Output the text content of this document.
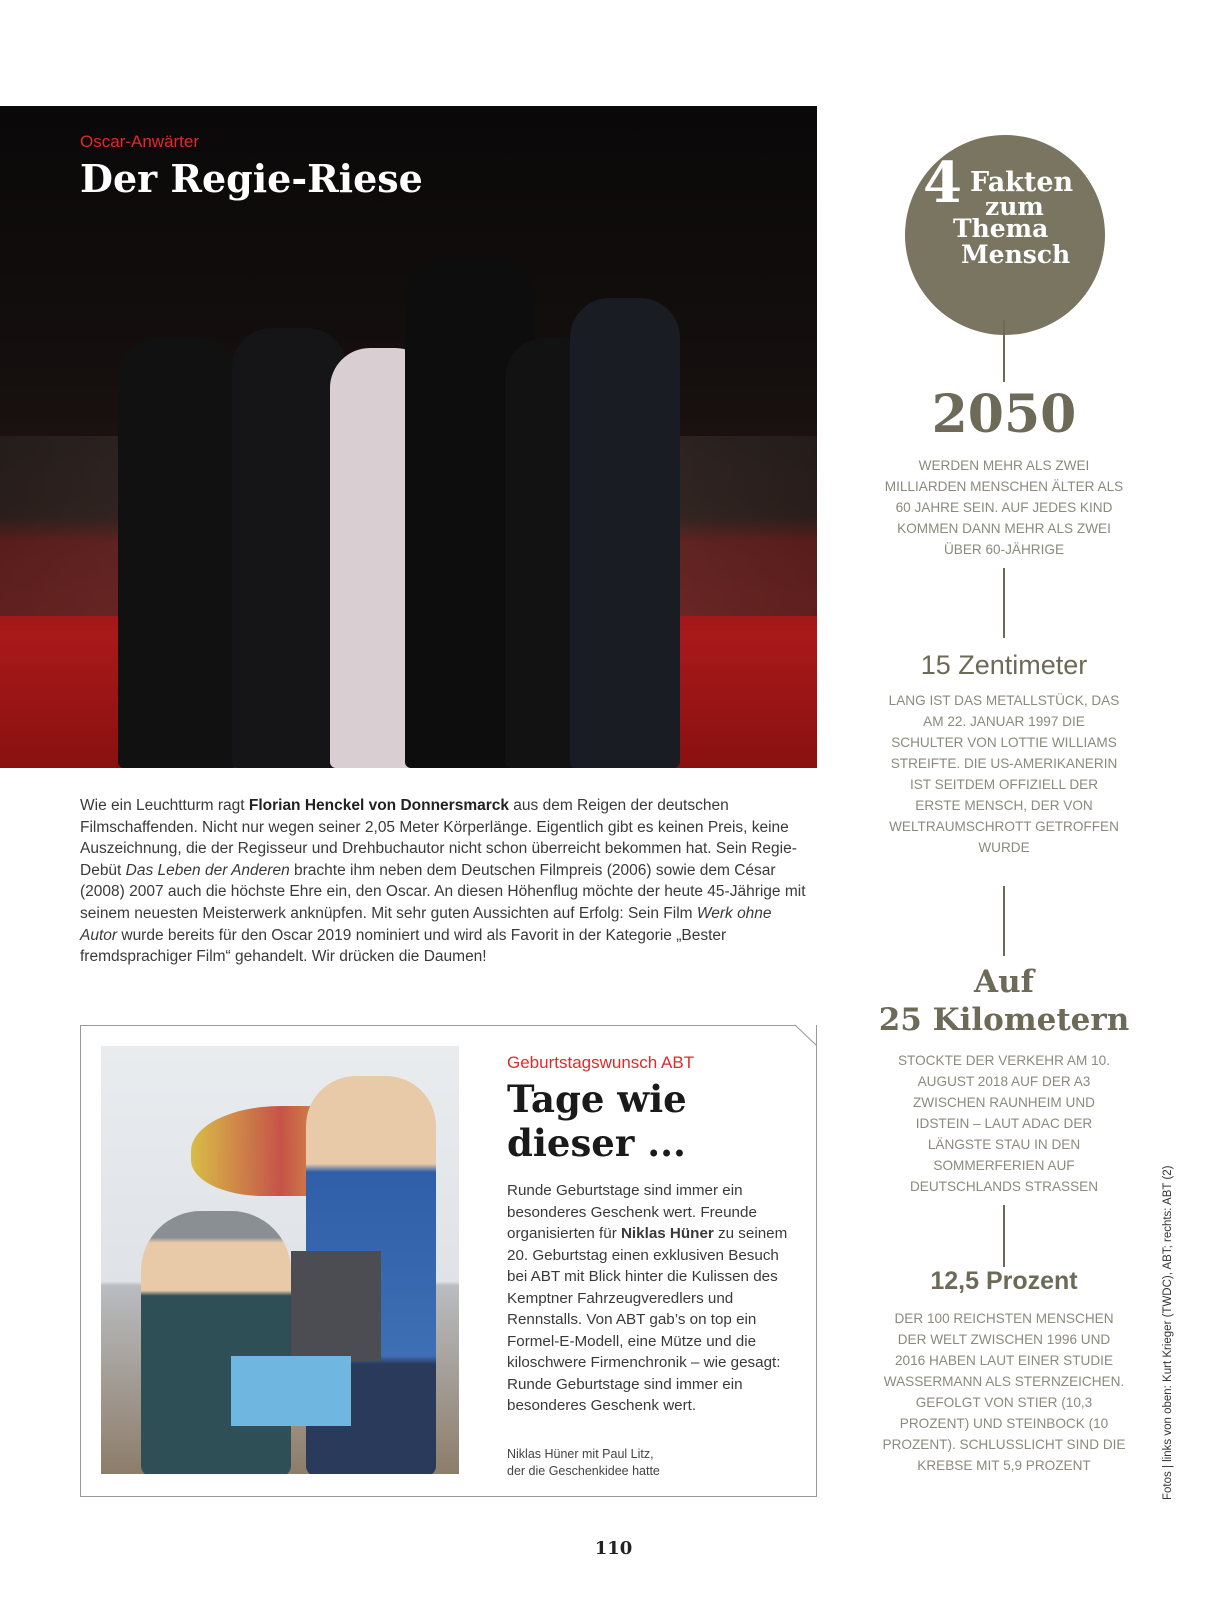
Oscar-Anwärter
Der Regie-Riese
Florian Henckel
von Donnersmarck
und die Darsteller
von Werk ohne
Autor
Wie ein Leuchtturm ragt Florian Henckel von Donnersmarck aus dem Reigen der deutschen Filmschaffenden. Nicht nur wegen seiner 2,05 Meter Körperlänge. Eigentlich gibt es keinen Preis, keine Auszeichnung, die der Regisseur und Drehbuchautor nicht schon überreicht bekommen hat. Sein Regie-Debüt Das Leben der Anderen brachte ihm neben dem Deutschen Filmpreis (2006) sowie dem César (2008) 2007 auch die höchste Ehre ein, den Oscar. An diesen Höhenflug möchte der heute 45-Jährige mit seinem neuesten Meisterwerk anknüpfen. Mit sehr guten Aussichten auf Erfolg: Sein Film Werk ohne Autor wurde bereits für den Oscar 2019 nominiert und wird als Favorit in der Kategorie „Bester fremdsprachiger Film“ gehandelt. Wir drücken die Daumen!
Geburtstagswunsch ABT
Tage wie
dieser ...
Runde Geburtstage sind immer ein besonderes Geschenk wert. Freunde organisierten für Niklas Hüner zu seinem 20. Geburtstag einen exklusiven Besuch bei ABT mit Blick hinter die Kulissen des Kemptner Fahrzeugveredlers und Rennstalls. Von ABT gab’s on top ein Formel-E-Modell, eine Mütze und die kiloschwere Firmenchronik – wie gesagt: Runde Geburtstage sind immer ein besonderes Geschenk wert.
Niklas Hüner mit Paul Litz,
der die Geschenkidee hatte
4 Fakten
zum
Thema
Mensch
2050
WERDEN MEHR ALS ZWEI MILLIARDEN MENSCHEN ÄLTER ALS 60 JAHRE SEIN. AUF JEDES KIND KOMMEN DANN MEHR ALS ZWEI ÜBER 60-JÄHRIGE
15 Zentimeter
LANG IST DAS METALLSTÜCK, DAS AM 22. JANUAR 1997 DIE SCHULTER VON LOTTIE WILLIAMS STREIFTE. DIE US-AMERIKANERIN IST SEITDEM OFFIZIELL DER ERSTE MENSCH, DER VON WELTRAUMSCHROTT GETROFFEN WURDE
Auf
25 Kilometern
STOCKTE DER VERKEHR AM 10. AUGUST 2018 AUF DER A3 ZWISCHEN RAUNHEIM UND IDSTEIN – LAUT ADAC DER LÄNGSTE STAU IN DEN SOMMERFERIEN AUF DEUTSCHLANDS STRASSEN
12,5 Prozent
DER 100 REICHSTEN MENSCHEN DER WELT ZWISCHEN 1996 UND 2016 HABEN LAUT EINER STUDIE WASSERMANN ALS STERNZEICHEN. GEFOLGT VON STIER (10,3 PROZENT) UND STEINBOCK (10 PROZENT). SCHLUSSLICHT SIND DIE KREBSE MIT 5,9 PROZENT	Fotos | links von oben: Kurt Krieger (TWDC), ABT; rechts: ABT (2)
110
